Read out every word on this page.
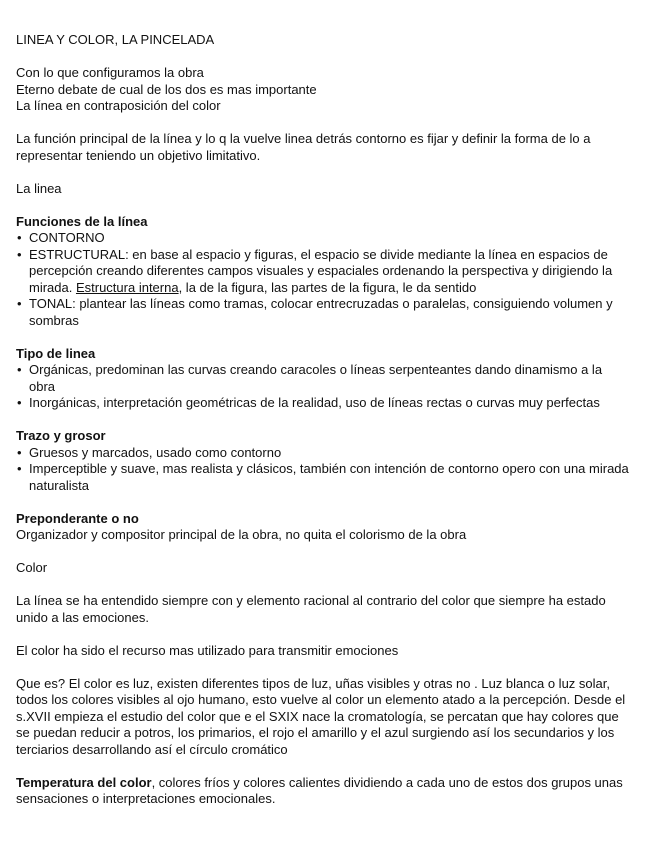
LINEA Y COLOR, LA PINCELADA
Con lo que configuramos la obra
Eterno debate de cual de los dos es mas importante
La línea en contraposición del color
La función principal de la línea y lo q la vuelve linea detrás contorno es fijar y definir la forma de lo a representar teniendo un objetivo limitativo.
La linea
Funciones de la línea
• CONTORNO
• ESTRUCTURAL: en base al espacio y figuras, el espacio se divide mediante la línea en espacios de percepción creando diferentes campos visuales y espaciales ordenando la perspectiva y dirigiendo la mirada. Estructura interna, la de la figura, las partes de la figura, le da sentido
• TONAL: plantear las líneas como tramas, colocar entrecruzadas o paralelas, consiguiendo volumen y sombras
Tipo de linea
• Orgánicas, predominan las curvas creando caracoles o líneas serpenteantes dando dinamismo a la obra
• Inorgánicas, interpretación geométricas de la realidad, uso de líneas rectas o curvas muy perfectas
Trazo y grosor
• Gruesos y marcados, usado como contorno
• Imperceptible y suave, mas realista y clásicos, también con intención de contorno opero con una mirada naturalista
Preponderante o no
Organizador y compositor principal de la obra, no quita el colorismo de la obra
Color
La línea se ha entendido siempre con y elemento racional al contrario del color que siempre ha estado unido a las emociones.
El color ha sido el recurso mas utilizado para transmitir emociones
Que es? El color es luz, existen diferentes tipos de luz, uñas visibles y otras no . Luz blanca o luz solar, todos los colores visibles al ojo humano, esto vuelve al color un elemento atado a la percepción. Desde el s.XVII empieza el estudio del color que e el SXIX nace la cromatología, se percatan que hay colores que se puedan reducir a potros, los primarios, el rojo el amarillo y el azul surgiendo así los secundarios y los terciarios desarrollando así el círculo cromático
Temperatura del color, colores fríos y colores calientes dividiendo a cada uno de estos dos grupos unas sensaciones o interpretaciones emocionales.
